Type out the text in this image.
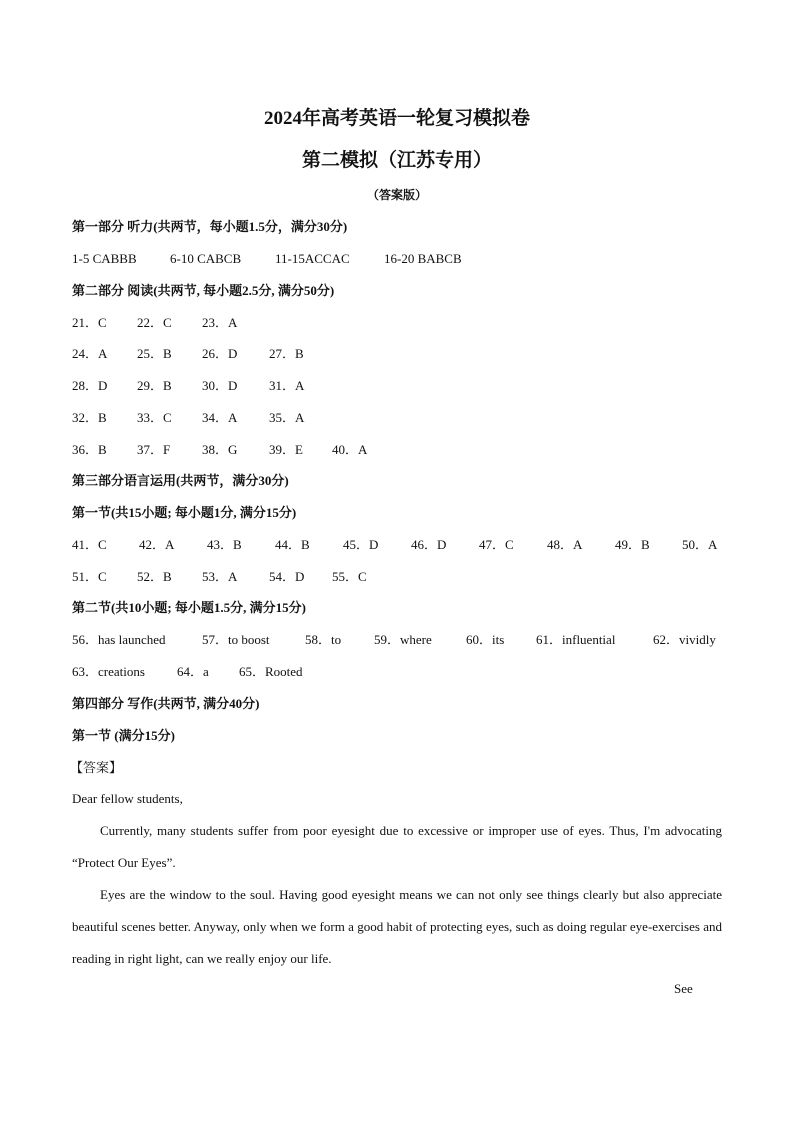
2024年高考英语一轮复习模拟卷
第二模拟（江苏专用）
（答案版）
第一部分 听力(共两节，每小题1.5分，满分30分)
1-5 CABBB	6-10 CABCB	11-15ACCAC	16-20 BABCB
第二部分 阅读(共两节, 每小题2.5分, 满分50分)
21．C 22．C 23．A
24．A 25．B 26．D 27．B
28．D 29．B 30．D 31．A
32．B 33．C 34．A 35．A
36．B 37．F 38．G 39．E 40．A
第三部分语言运用(共两节，满分30分)
第一节(共15小题; 每小题1分, 满分15分)
41．C 42．A	43．B	44．B	45．D	46．D	47．C	48．A	49．B 50．A
51．C 52．B 53．A 54．D 55．C
第二节(共10小题; 每小题1.5分, 满分15分)
56．has launched	57．to boost	58．to	59．where	60．its 61．influential	62．vividly
63．creations 64．a 65．Rooted
第四部分 写作(共两节, 满分40分)
第一节 (满分15分)
【答案】
Dear fellow students,
Currently, many students suffer from poor eyesight due to excessive or improper use of eyes. Thus, I'm advocating “Protect Our Eyes”.
Eyes are the window to the soul. Having good eyesight means we can not only see things clearly but also appreciate beautiful scenes better. Anyway, only when we form a good habit of protecting eyes, such as doing regular eye-exercises and reading in right light, can we really enjoy our life.
See
